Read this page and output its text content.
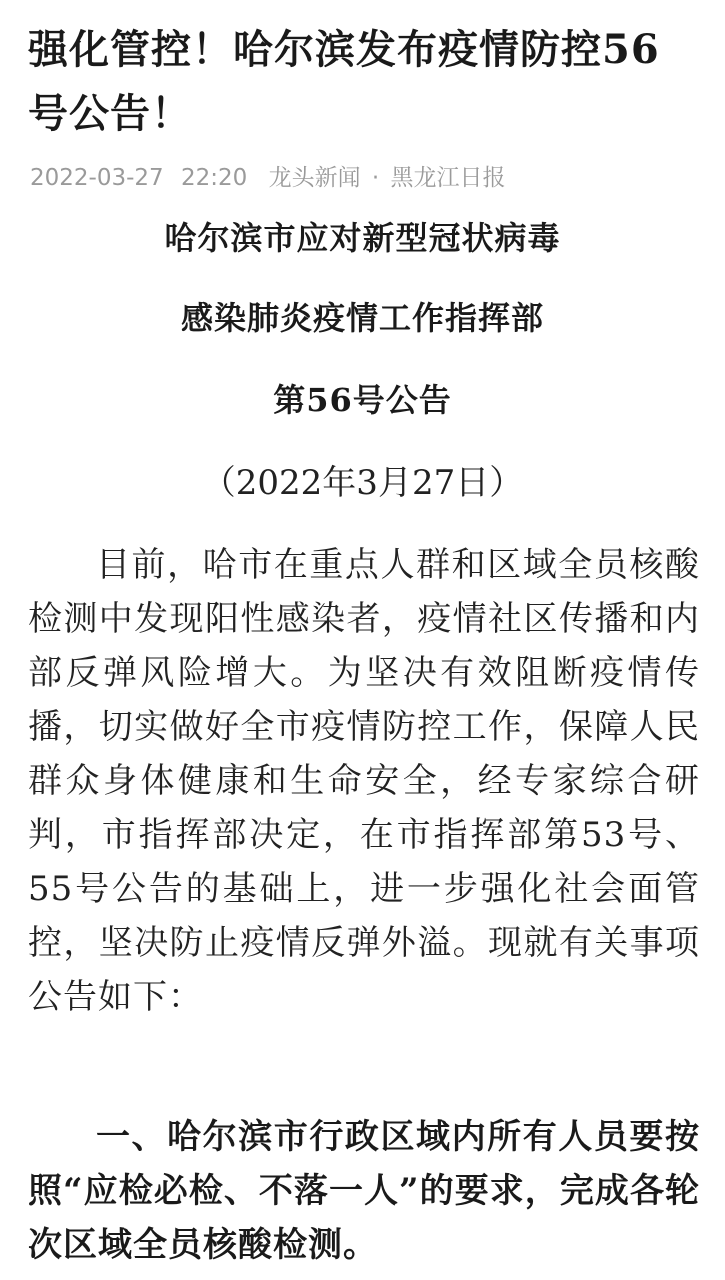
强化管控！哈尔滨发布疫情防控56号公告！
2022-03-27 22:20 龙头新闻 · 黑龙江日报
哈尔滨市应对新型冠状病毒
感染肺炎疫情工作指挥部
第56号公告
（2022年3月27日）

目前，哈市在重点人群和区域全员核酸检测中发现阳性感染者，疫情社区传播和内部反弹风险增大。为坚决有效阻断疫情传播，切实做好全市疫情防控工作，保障人民群众身体健康和生命安全，经专家综合研判，市指挥部决定，在市指挥部第53号、55号公告的基础上，进一步强化社会面管控，坚决防止疫情反弹外溢。现就有关事项公告如下：

一、哈尔滨市行政区域内所有人员要按照“应检必检、不落一人”的要求，完成各轮次区域全员核酸检测。
